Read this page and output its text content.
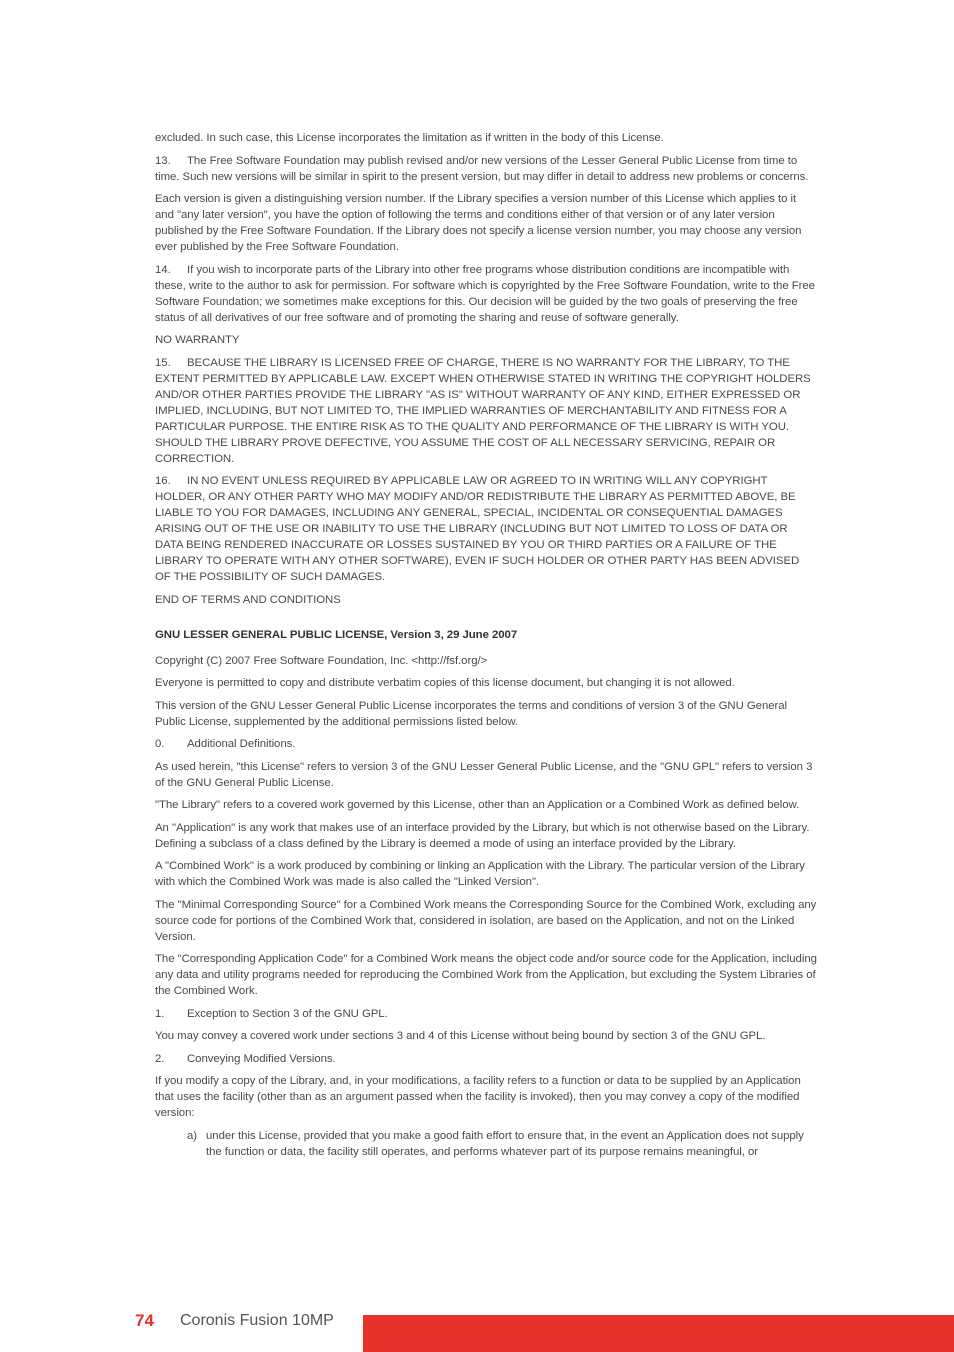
excluded. In such case, this License incorporates the limitation as if written in the body of this License.

13. The Free Software Foundation may publish revised and/or new versions of the Lesser General Public License from time to time. Such new versions will be similar in spirit to the present version, but may differ in detail to address new problems or concerns.

Each version is given a distinguishing version number. If the Library specifies a version number of this License which applies to it and "any later version", you have the option of following the terms and conditions either of that version or of any later version published by the Free Software Foundation. If the Library does not specify a license version number, you may choose any version ever published by the Free Software Foundation.

14. If you wish to incorporate parts of the Library into other free programs whose distribution conditions are incompatible with these, write to the author to ask for permission. For software which is copyrighted by the Free Software Foundation, write to the Free Software Foundation; we sometimes make exceptions for this. Our decision will be guided by the two goals of preserving the free status of all derivatives of our free software and of promoting the sharing and reuse of software generally.

NO WARRANTY

15. BECAUSE THE LIBRARY IS LICENSED FREE OF CHARGE, THERE IS NO WARRANTY FOR THE LIBRARY, TO THE EXTENT PERMITTED BY APPLICABLE LAW. EXCEPT WHEN OTHERWISE STATED IN WRITING THE COPYRIGHT HOLDERS AND/OR OTHER PARTIES PROVIDE THE LIBRARY "AS IS" WITHOUT WARRANTY OF ANY KIND, EITHER EXPRESSED OR IMPLIED, INCLUDING, BUT NOT LIMITED TO, THE IMPLIED WARRANTIES OF MERCHANTABILITY AND FITNESS FOR A PARTICULAR PURPOSE. THE ENTIRE RISK AS TO THE QUALITY AND PERFORMANCE OF THE LIBRARY IS WITH YOU. SHOULD THE LIBRARY PROVE DEFECTIVE, YOU ASSUME THE COST OF ALL NECESSARY SERVICING, REPAIR OR CORRECTION.

16. IN NO EVENT UNLESS REQUIRED BY APPLICABLE LAW OR AGREED TO IN WRITING WILL ANY COPYRIGHT HOLDER, OR ANY OTHER PARTY WHO MAY MODIFY AND/OR REDISTRIBUTE THE LIBRARY AS PERMITTED ABOVE, BE LIABLE TO YOU FOR DAMAGES, INCLUDING ANY GENERAL, SPECIAL, INCIDENTAL OR CONSEQUENTIAL DAMAGES ARISING OUT OF THE USE OR INABILITY TO USE THE LIBRARY (INCLUDING BUT NOT LIMITED TO LOSS OF DATA OR DATA BEING RENDERED INACCURATE OR LOSSES SUSTAINED BY YOU OR THIRD PARTIES OR A FAILURE OF THE LIBRARY TO OPERATE WITH ANY OTHER SOFTWARE), EVEN IF SUCH HOLDER OR OTHER PARTY HAS BEEN ADVISED OF THE POSSIBILITY OF SUCH DAMAGES.

END OF TERMS AND CONDITIONS

GNU LESSER GENERAL PUBLIC LICENSE, Version 3, 29 June 2007

Copyright (C) 2007 Free Software Foundation, Inc. <http://fsf.org/>

Everyone is permitted to copy and distribute verbatim copies of this license document, but changing it is not allowed.

This version of the GNU Lesser General Public License incorporates the terms and conditions of version 3 of the GNU General Public License, supplemented by the additional permissions listed below.

0.	Additional Definitions.

As used herein, "this License" refers to version 3 of the GNU Lesser General Public License, and the "GNU GPL" refers to version 3 of the GNU General Public License.

"The Library" refers to a covered work governed by this License, other than an Application or a Combined Work as defined below.

An "Application" is any work that makes use of an interface provided by the Library, but which is not otherwise based on the Library. Defining a subclass of a class defined by the Library is deemed a mode of using an interface provided by the Library.

A "Combined Work" is a work produced by combining or linking an Application with the Library. The particular version of the Library with which the Combined Work was made is also called the "Linked Version".

The "Minimal Corresponding Source" for a Combined Work means the Corresponding Source for the Combined Work, excluding any source code for portions of the Combined Work that, considered in isolation, are based on the Application, and not on the Linked Version.

The "Corresponding Application Code" for a Combined Work means the object code and/or source code for the Application, including any data and utility programs needed for reproducing the Combined Work from the Application, but excluding the System Libraries of the Combined Work.

1.	Exception to Section 3 of the GNU GPL.

You may convey a covered work under sections 3 and 4 of this License without being bound by section 3 of the GNU GPL.

2.	Conveying Modified Versions.

If you modify a copy of the Library, and, in your modifications, a facility refers to a function or data to be supplied by an Application that uses the facility (other than as an argument passed when the facility is invoked), then you may convey a copy of the modified version:

a) under this License, provided that you make a good faith effort to ensure that, in the event an Application does not supply the function or data, the facility still operates, and performs whatever part of its purpose remains meaningful, or

74 Coronis Fusion 10MP
